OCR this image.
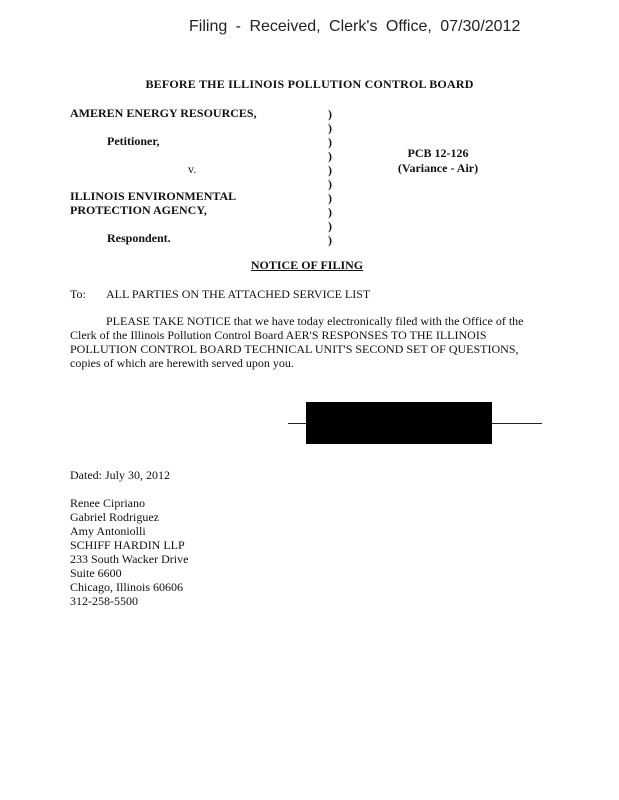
Filing - Received, Clerk's Office, 07/30/2012
BEFORE THE ILLINOIS POLLUTION CONTROL BOARD
AMEREN ENERGY RESOURCES,
Petitioner,
v.
ILLINOIS ENVIRONMENTAL
PROTECTION AGENCY,
Respondent.
)
)
)
)
)
)
)
)
)
)
PCB 12-126
(Variance - Air)
NOTICE OF FILING
To: ALL PARTIES ON THE ATTACHED SERVICE LIST
PLEASE TAKE NOTICE that we have today electronically filed with the Office of the
Clerk of the Illinois Pollution Control Board AER'S RESPONSES TO THE ILLINOIS
POLLUTION CONTROL BOARD TECHNICAL UNIT'S SECOND SET OF QUESTIONS,
copies of which are herewith served upon you.
Dated: July 30, 2012
Renee Cipriano
Gabriel Rodriguez
Amy Antoniolli
SCHIFF HARDIN LLP
233 South Wacker Drive
Suite 6600
Chicago, Illinois 60606
312-258-5500
